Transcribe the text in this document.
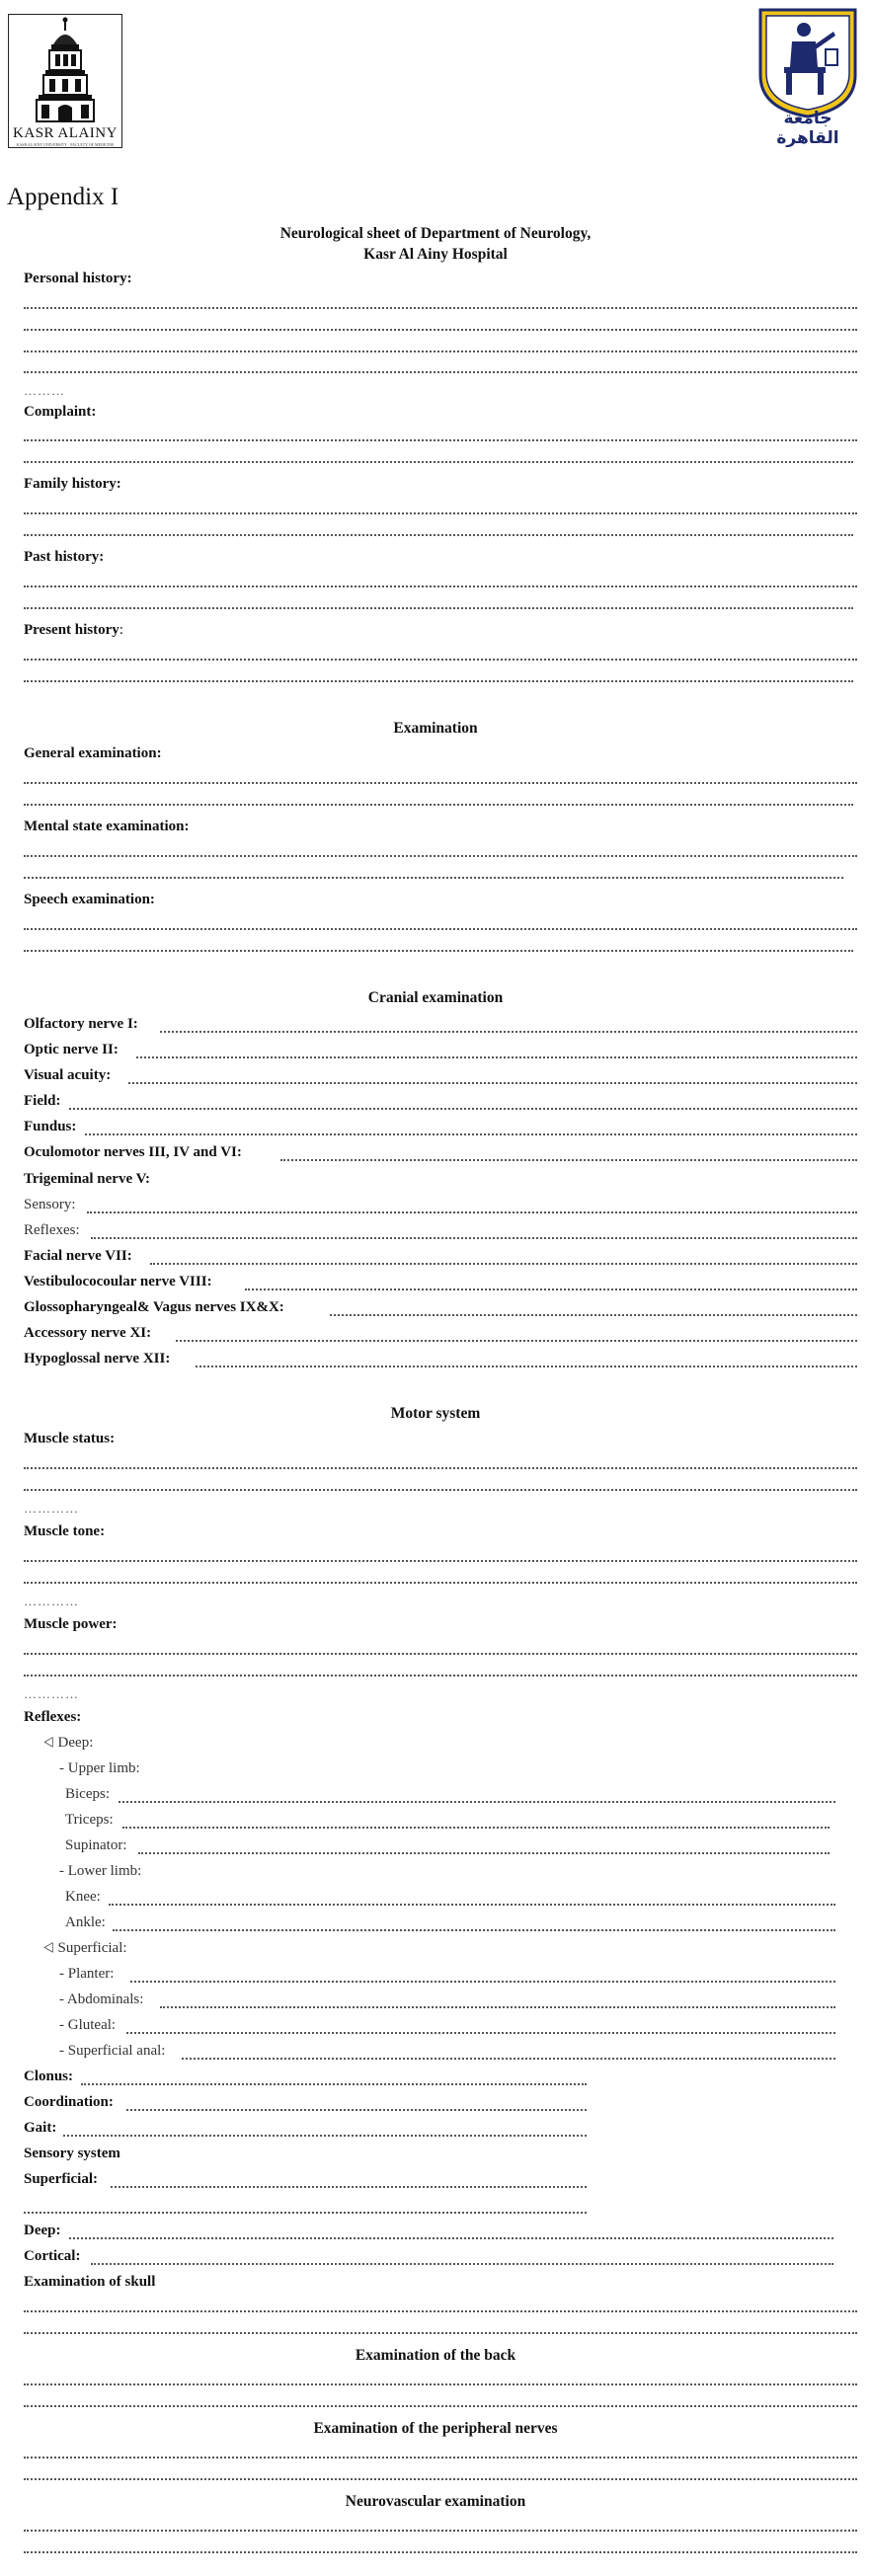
KASR ALAINY
KASR ALAINY UNIVERSITY · FACULTY OF MEDICINE
جامعة القاهرة
Appendix I
Neurological sheet of Department of Neurology,
Kasr Al Ainy Hospital
Personal history:
………
Complaint:
Family history:
Past history:
Present history:
Examination
General examination:
Mental state examination:
Speech examination:
Cranial examination
Olfactory nerve I:
Optic nerve II:
Visual acuity:
Field:
Fundus:
Oculomotor nerves III, IV and VI:
Trigeminal nerve V:
Sensory:
Reflexes:
Facial nerve VII:
Vestibulococoular nerve VIII:
Glossopharyngeal& Vagus nerves IX&X:
Accessory nerve XI:
Hypoglossal nerve XII:
Motor system
Muscle status:
…………
Muscle tone:
…………
Muscle power:
…………
Reflexes:
⨞ Deep:
- Upper limb:
Biceps:
Triceps:
Supinator:
- Lower limb:
Knee:
Ankle:
⨞ Superficial:
- Planter:
- Abdominals:
- Gluteal:
- Superficial anal:
Clonus:
Coordination:
Gait:
Sensory system
Superficial:
Deep:
Cortical:
Examination of skull
Examination of the back
Examination of the peripheral nerves
Neurovascular examination
